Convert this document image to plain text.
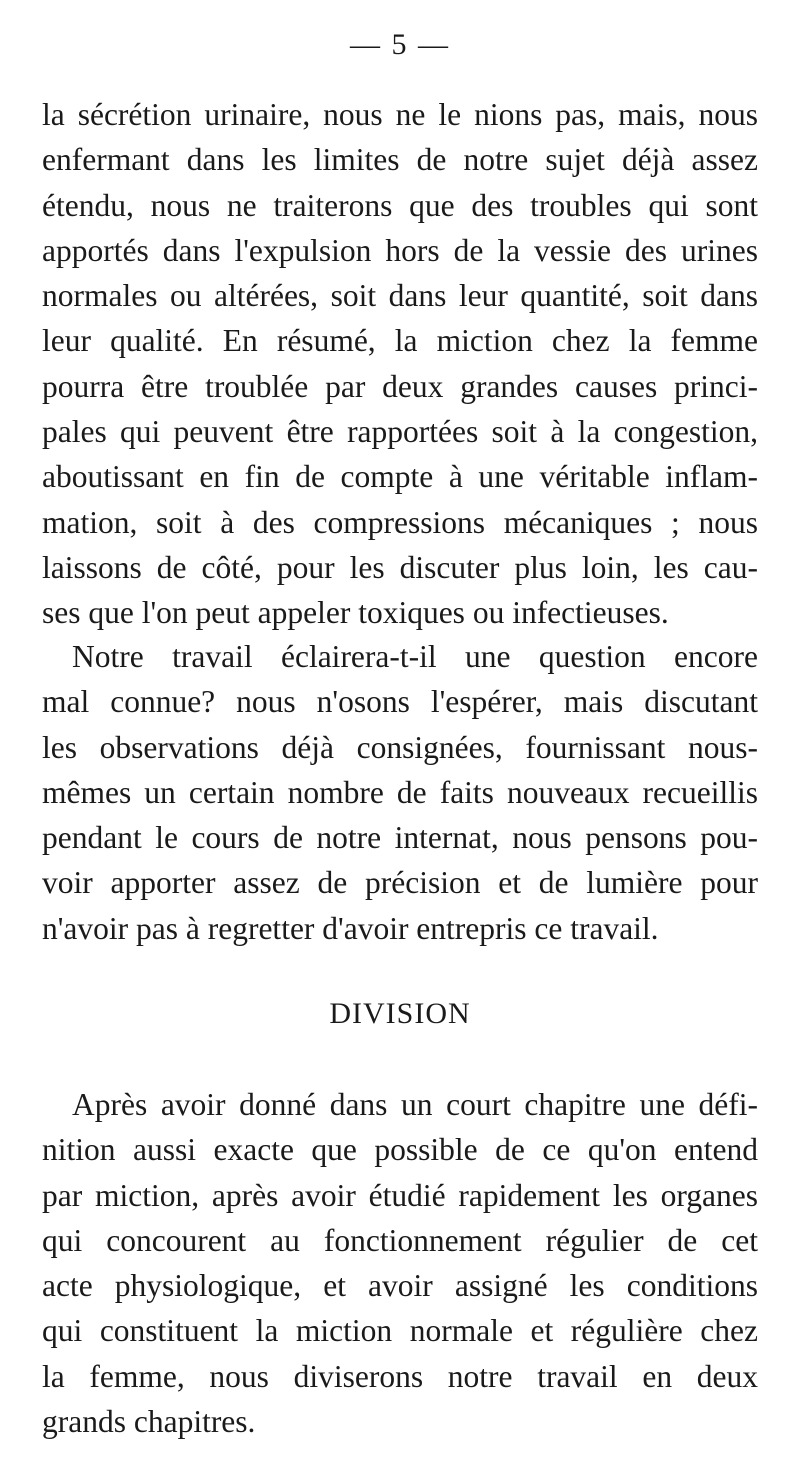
— 5 —
la sécrétion urinaire, nous ne le nions pas, mais, nous
enfermant dans les limites de notre sujet déjà assez
étendu, nous ne traiterons que des troubles qui sont
apportés dans l'expulsion hors de la vessie des urines
normales ou altérées, soit dans leur quantité, soit dans
leur qualité. En résumé, la miction chez la femme
pourra être troublée par deux grandes causes princi-
pales qui peuvent être rapportées soit à la congestion,
aboutissant en fin de compte à une véritable inflam-
mation, soit à des compressions mécaniques ; nous
laissons de côté, pour les discuter plus loin, les cau-
ses que l'on peut appeler toxiques ou infectieuses.
Notre travail éclairera-t-il une question encore
mal connue? nous n'osons l'espérer, mais discutant
les observations déjà consignées, fournissant nous-
mêmes un certain nombre de faits nouveaux recueillis
pendant le cours de notre internat, nous pensons pou-
voir apporter assez de précision et de lumière pour
n'avoir pas à regretter d'avoir entrepris ce travail.
DIVISION
Après avoir donné dans un court chapitre une défi-
nition aussi exacte que possible de ce qu'on entend
par miction, après avoir étudié rapidement les organes
qui concourent au fonctionnement régulier de cet
acte physiologique, et avoir assigné les conditions
qui constituent la miction normale et régulière chez
la femme, nous diviserons notre travail en deux
grands chapitres.
